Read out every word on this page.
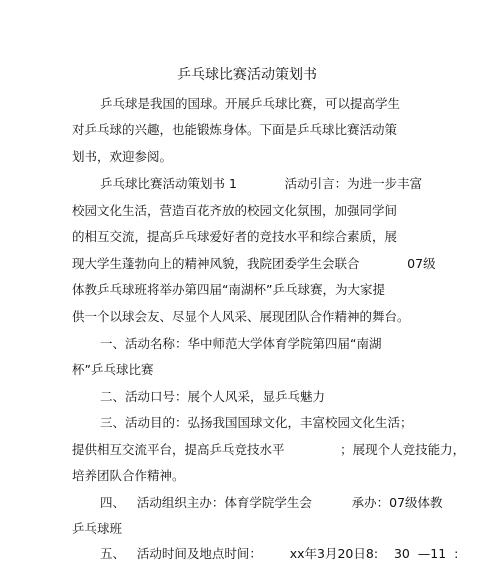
乒乓球比赛活动策划书
乒乓球是我国的国球。开展乒乓球比赛，可以提高学生
对乒乓球的兴趣，也能锻炼身体。下面是乒乓球比赛活动策
划书，欢迎参阅。
乒乓球比赛活动策划书 1            活动引言：为进一步丰富
校园文化生活，营造百花齐放的校园文化氛围，加强同学间
的相互交流，提高乒乓球爱好者的竞技水平和综合素质，展
现大学生蓬勃向上的精神风貌，我院团委学生会联合            07级
体教乒乓球班将举办第四届“南湖杯”乒乓球赛，为大家提
供一个以球会友、尽显个人风采、展现团队合作精神的舞台。
一、活动名称：华中师范大学体育学院第四届“南湖
杯”乒乓球比赛
二、活动口号：展个人风采，显乒乓魅力
三、活动目的：弘扬我国国球文化，丰富校园文化生活；
提供相互交流平台，提高乒乓竞技水平              ；展现个人竞技能力，
培养团队合作精神。
四、   活动组织主办：体育学院学生会          承办：07级体教
乒乓球班
五、   活动时间及地点时间：       xx年3月20日8:    30  —11  :
